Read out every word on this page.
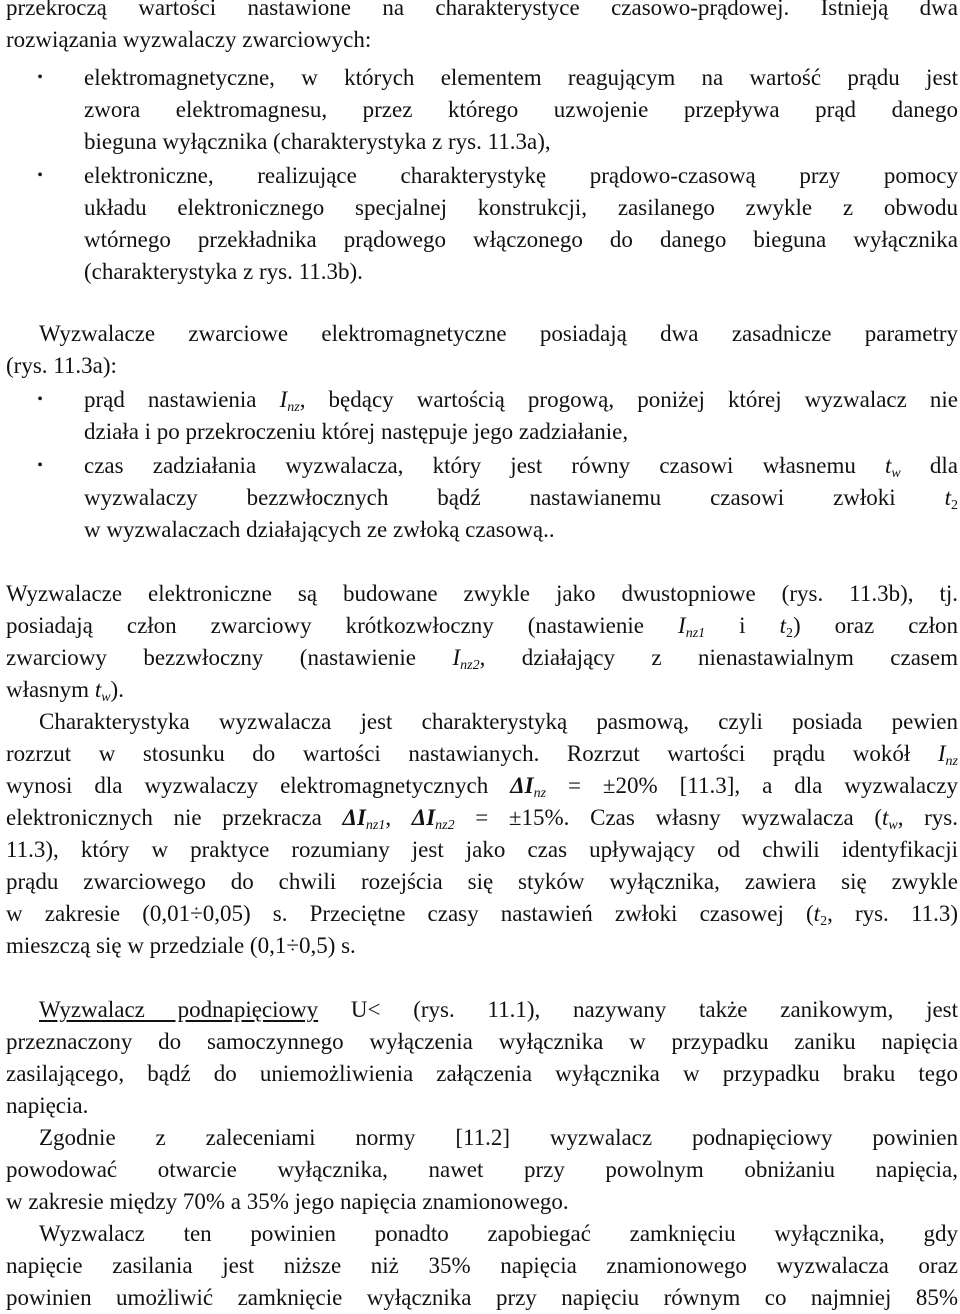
przekroczą wartości nastawione na charakterystyce czasowo-prądowej. Istnieją dwa

rozwiązania wyzwalaczy zwarciowych:

• elektromagnetyczne, w których elementem reagującym na wartość prądu jest

zwora elektromagnesu, przez którego uzwojenie przepływa prąd danego

bieguna wyłącznika (charakterystyka z rys. 11.3a),

• elektroniczne, realizujące charakterystykę prądowo-czasową przy pomocy

układu elektronicznego specjalnej konstrukcji, zasilanego zwykle z obwodu

wtórnego przekładnika prądowego włączonego do danego bieguna wyłącznika

(charakterystyka z rys. 11.3b).

Wyzwalacze zwarciowe elektromagnetyczne posiadają dwa zasadnicze parametry

(rys. 11.3a):

• prąd nastawienia $I_{nz}$, będący wartością progową, poniżej której wyzwalacz nie

działa i po przekroczeniu której następuje jego zadziałanie,

• czas zadziałania wyzwalacza, który jest równy czasowi własnemu $t_w$ dla

wyzwalaczy bezzwłocznych bądź nastawianemu czasowi zwłoki $t_2$

w wyzwalaczach działających ze zwłoką czasową..

Wyzwalacze elektroniczne są budowane zwykle jako dwustopniowe (rys. 11.3b), tj.

posiadają człon zwarciowy krótkozwłoczny (nastawienie $I_{nz1}$ i $t_2$) oraz człon

zwarciowy bezzwłoczny (nastawienie $I_{nz2}$, działający z nienastawialnym czasem

własnym $t_w$).

Charakterystyka wyzwalacza jest charakterystyką pasmową, czyli posiada pewien

rozrzut w stosunku do wartości nastawianych. Rozrzut wartości prądu wokół $I_{nz}$

wynosi dla wyzwalaczy elektromagnetycznych $\Delta I_{nz} = \pm 20\%$ [11.3], a dla wyzwalaczy

elektronicznych nie przekracza $\Delta I_{nz1}$, $\Delta I_{nz2} = \pm 15\%$. Czas własny wyzwalacza ($t_w$, rys.

11.3), który w praktyce rozumiany jest jako czas upływający od chwili identyfikacji

prądu zwarciowego do chwili rozejścia się styków wyłącznika, zawiera się zwykle

w zakresie (0,01÷0,05) s. Przeciętne czasy nastawień zwłoki czasowej ($t_2$, rys. 11.3)

mieszczą się w przedziale (0,1÷0,5) s.

Wyzwalacz podnapięciowy U< (rys. 11.1), nazywany także zanikowym, jest

przeznaczony do samoczynnego wyłączenia wyłącznika w przypadku zaniku napięcia

zasilającego, bądź do uniemożliwienia załączenia wyłącznika w przypadku braku tego

napięcia.

Zgodnie z zaleceniami normy [11.2] wyzwalacz podnapięciowy powinien

powodować otwarcie wyłącznika, nawet przy powolnym obniżaniu napięcia,

w zakresie między 70% a 35% jego napięcia znamionowego.

Wyzwalacz ten powinien ponadto zapobiegać zamknięciu wyłącznika, gdy

napięcie zasilania jest niższe niż 35% napięcia znamionowego wyzwalacza oraz

powinien umożliwić zamknięcie wyłącznika przy napięciu równym co najmniej 85%
